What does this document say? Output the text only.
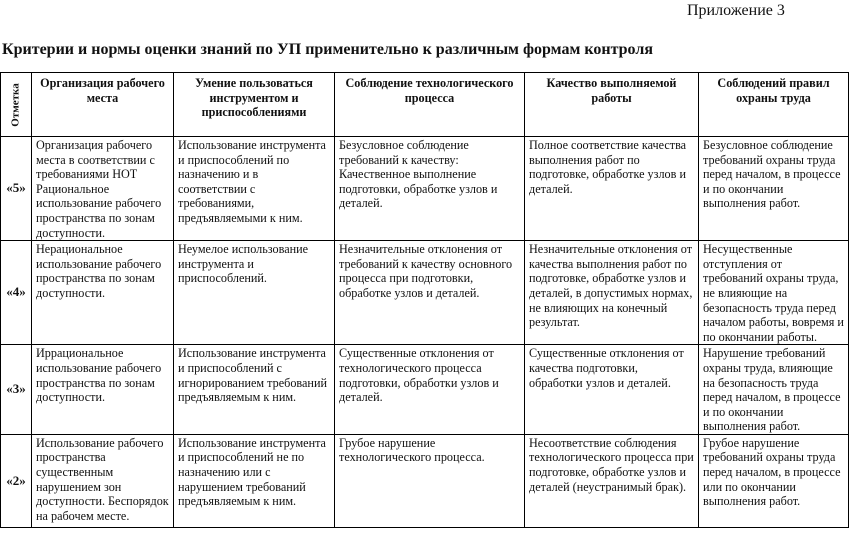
Приложение 3
Критерии и нормы оценки знаний по УП применительно к различным формам контроля
Отметка	Организация рабочего места	Умение пользоваться инструментом и приспособлениями	Соблюдение технологического процесса	Качество выполняемой работы	Соблюдений правил охраны труда
«5»	Организация рабочего места в соответствии с требованиями НОТ Рациональное использование рабочего пространства по зонам доступности.	Использование инструмента и приспособлений по назначению и в соответствии с требованиями, предъявляемыми к ним.	Безусловное соблюдение требований к качеству: Качественное выполнение подготовки, обработке узлов и деталей.	Полное соответствие качества выполнения работ по подготовке, обработке узлов и деталей.	Безусловное соблюдение требований охраны труда перед началом, в процессе и по окончании выполнения работ.
«4»	Нерациональное использование рабочего пространства по зонам доступности.	Неумелое использование инструмента и приспособлений.	Незначительные отклонения от требований к качеству основного процесса при подготовки, обработке узлов и деталей.	Незначительные отклонения от качества выполнения работ по подготовке, обработке узлов и деталей, в допустимых нормах, не влияющих на конечный результат.	Несущественные отступления от требований охраны труда, не влияющие на безопасность труда перед началом работы, вовремя и по окончании работы.
«3»	Иррациональное использование рабочего пространства по зонам доступности.	Использование инструмента и приспособлений с игнорированием требований предъявляемым к ним.	Существенные отклонения от технологического процесса подготовки, обработки узлов и деталей.	Существенные отклонения от качества подготовки, обработки узлов и деталей.	Нарушение требований охраны труда, влияющие на безопасность труда перед началом, в процессе и по окончании выполнения работ.
«2»	Использование рабочего пространства существенным нарушением зон доступности. Беспорядок на рабочем месте.	Использование инструмента и приспособлений не по назначению или с нарушением требований предъявляемым к ним.	Грубое нарушение технологического процесса.	Несоответствие соблюдения технологического процесса при подготовке, обработке узлов и деталей (неустранимый брак).	Грубое нарушение требований охраны труда перед началом, в процессе или по окончании выполнения работ.
